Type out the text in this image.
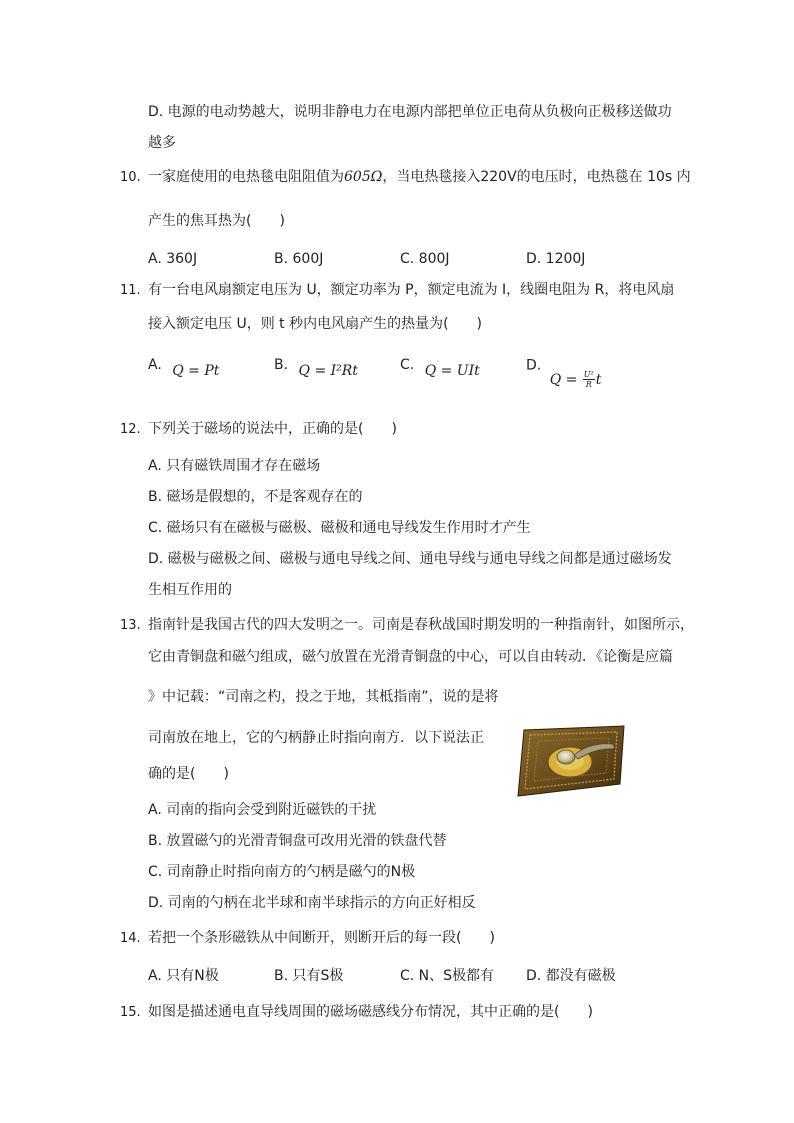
D. 电源的电动势越大，说明非静电力在电源内部把单位正电荷从负极向正极移送做功
越多
10. 一家庭使用的电热毯电阻阻值为605Ω，当电热毯接入220V的电压时，电热毯在 10s 内
产生的焦耳热为(　　)
A. 360J	B. 600J	C. 800J	D. 1200J
11. 有一台电风扇额定电压为 U，额定功率为 P，额定电流为 I，线圈电阻为 R，将电风扇
接入额定电压 U，则 t 秒内电风扇产生的热量为(　　)
A. Q = Pt	B. Q = I²Rt	C. Q = UIt	D. $Q = \frac{\text{U²}}{R}$ t
12. 下列关于磁场的说法中，正确的是(　　)
A. 只有磁铁周围才存在磁场
B. 磁场是假想的，不是客观存在的
C. 磁场只有在磁极与磁极、磁极和通电导线发生作用时才产生
D. 磁极与磁极之间、磁极与通电导线之间、通电导线与通电导线之间都是通过磁场发
生相互作用的
13. 指南针是我国古代的四大发明之一。司南是春秋战国时期发明的一种指南针，如图所示，
它由青铜盘和磁勺组成，磁勺放置在光滑青铜盘的中心，可以自由转动．《论衡是应篇
》中记载：“司南之杓，投之于地，其柢指南”，说的是将
司南放在地上，它的勺柄静止时指向南方．以下说法正
确的是(　　)
A. 司南的指向会受到附近磁铁的干扰
B. 放置磁勺的光滑青铜盘可改用光滑的铁盘代替
C. 司南静止时指向南方的勺柄是磁勺的N极
D. 司南的勺柄在北半球和南半球指示的方向正好相反
14. 若把一个条形磁铁从中间断开，则断开后的每一段(　　)
A. 只有N极	B. 只有S极	C. N、S极都有 D. 都没有磁极
15. 如图是描述通电直导线周围的磁场磁感线分布情况，其中正确的是(　　)
